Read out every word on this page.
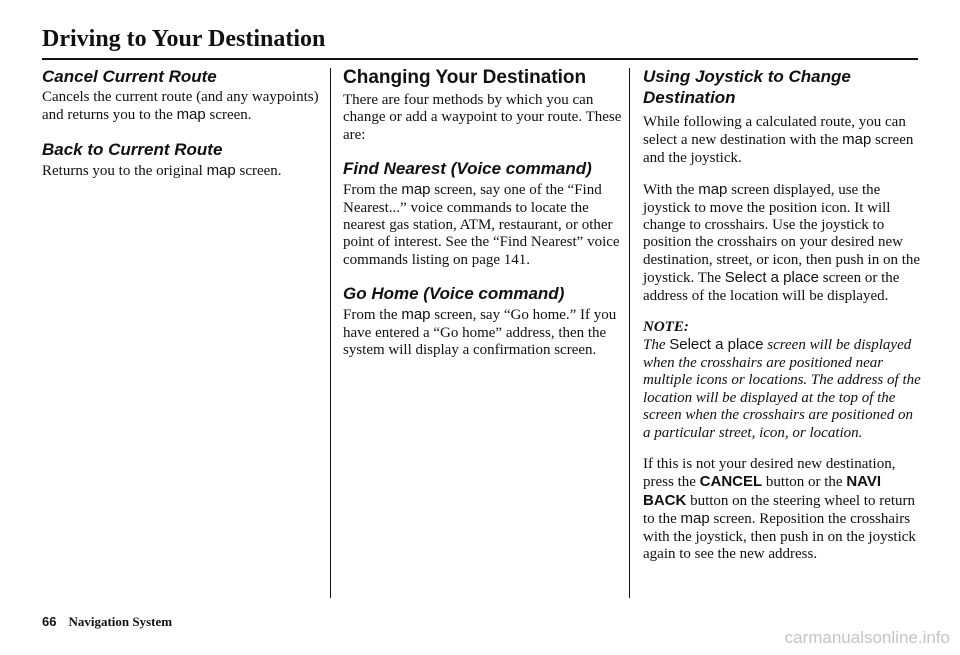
Driving to Your Destination
Cancel Current Route

Cancels the current route (and any waypoints) and returns you to the map screen.

Back to Current Route

Returns you to the original map screen.

Changing Your Destination

There are four methods by which you can change or add a waypoint to your route. These are:

Find Nearest (Voice command)

From the map screen, say one of the “Find Nearest...” voice commands to locate the nearest gas station, ATM, restaurant, or other point of interest. See the “Find Nearest” voice commands listing on page 141.

Go Home (Voice command)

From the map screen, say “Go home.” If you have entered a “Go home” address, then the system will display a confirmation screen.

Using Joystick to Change Destination

While following a calculated route, you can select a new destination with the map screen and the joystick.

With the map screen displayed, use the joystick to move the position icon. It will change to crosshairs. Use the joystick to position the crosshairs on your desired new destination, street, or icon, then push in on the joystick. The Select a place screen or the address of the location will be displayed.

NOTE:

The Select a place screen will be displayed when the crosshairs are positioned near multiple icons or locations. The address of the location will be displayed at the top of the screen when the crosshairs are positioned on a particular street, icon, or location.

If this is not your desired new destination, press the CANCEL button or the NAVI BACK button on the steering wheel to return to the map screen. Reposition the crosshairs with the joystick, then push in on the joystick again to see the new address.

66 Navigation System
carmanualsonline.info
